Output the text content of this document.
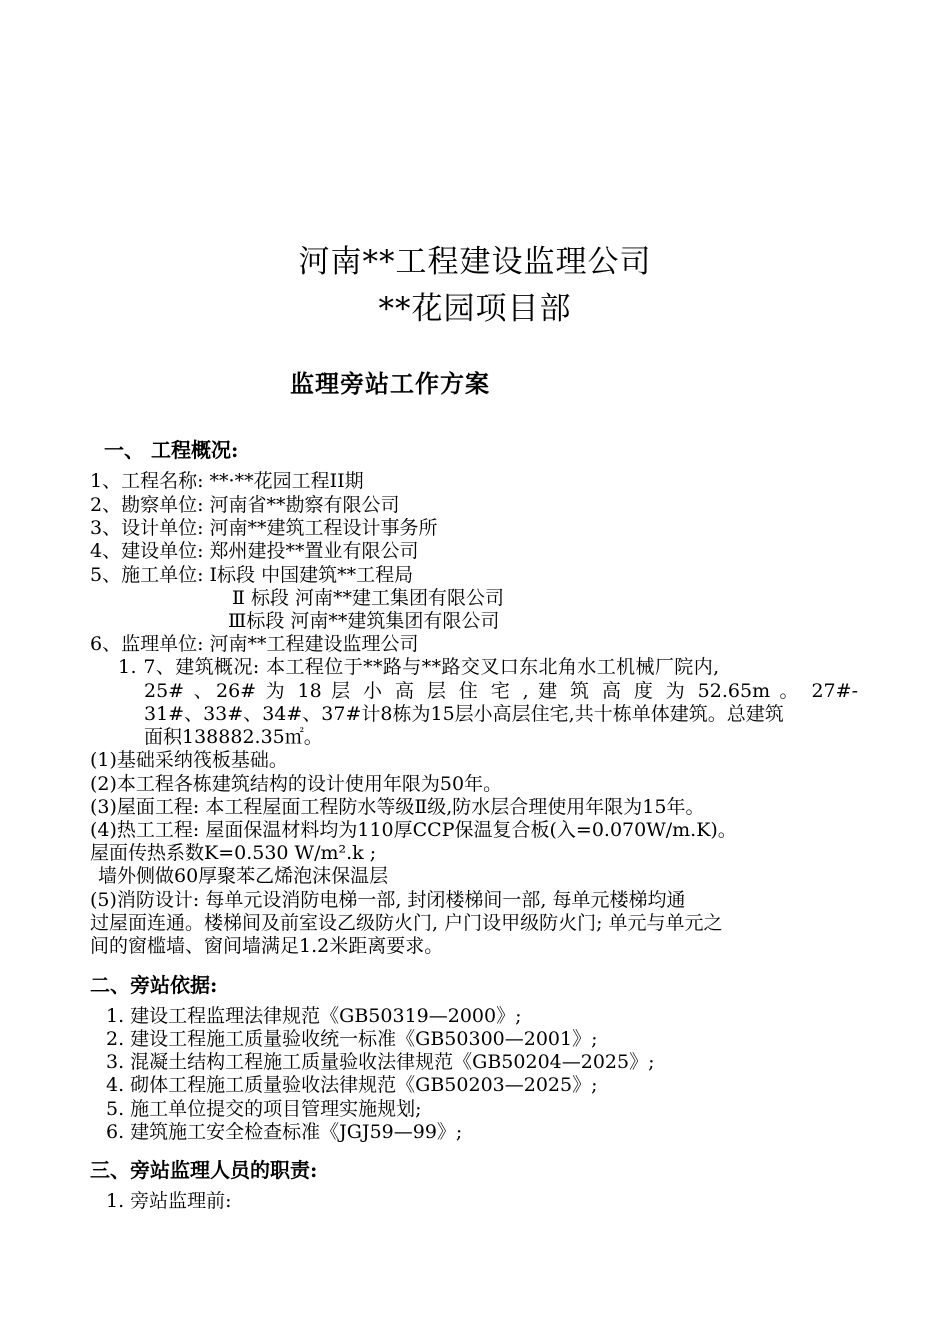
河南**工程建设监理公司
**花园项目部
监理旁站工作方案
一、 工程概况:
1、工程名称: **·**花园工程II期
2、勘察单位: 河南省**勘察有限公司
3、设计单位: 河南**建筑工程设计事务所
4、建设单位: 郑州建投**置业有限公司
5、施工单位: Ⅰ标段 中国建筑**工程局
Ⅱ 标段 河南**建工集团有限公司
Ⅲ标段 河南**建筑集团有限公司
6、监理单位: 河南**工程建设监理公司
1. 7、建筑概况: 本工程位于**路与**路交叉口东北角水工机械厂院内,
25# 、26# 为 18 层 小 高 层 住 宅 , 建 筑 高 度 为 52.65m 。 27#-
31#、33#、34#、37#计8栋为15层小高层住宅,共十栋单体建筑。总建筑
面积138882.35㎡。
(1)基础采纳筏板基础。
(2)本工程各栋建筑结构的设计使用年限为50年。
(3)屋面工程: 本工程屋面工程防水等级Ⅱ级,防水层合理使用年限为15年。
(4)热工工程: 屋面保温材料均为110厚CCP保温复合板(入=0.070W/m.K)。
屋面传热系数K=0.530 W/m².k ;
墙外侧做60厚聚苯乙烯泡沫保温层
(5)消防设计: 每单元设消防电梯一部, 封闭楼梯间一部, 每单元楼梯均通
过屋面连通。楼梯间及前室设乙级防火门, 户门设甲级防火门; 单元与单元之
间的窗槛墙、窗间墙满足1.2米距离要求。
二、旁站依据:
1. 建设工程监理法律规范《GB50319—2000》;
2. 建设工程施工质量验收统一标准《GB50300—2001》;
3. 混凝土结构工程施工质量验收法律规范《GB50204—2025》;
4. 砌体工程施工质量验收法律规范《GB50203—2025》;
5. 施工单位提交的项目管理实施规划;
6. 建筑施工安全检查标准《JGJ59—99》;
三、旁站监理人员的职责:
1. 旁站监理前:
